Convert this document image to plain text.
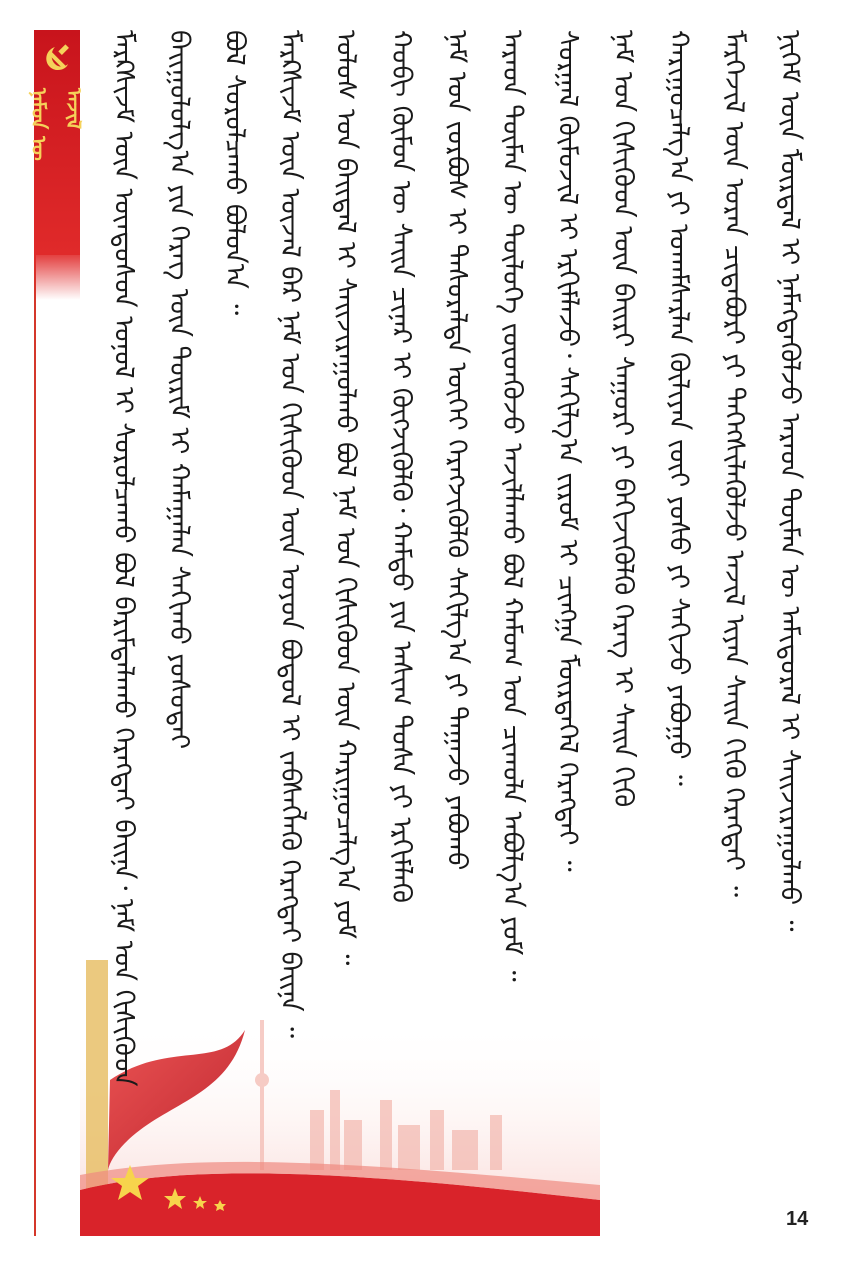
ᠮᠠᠷᠺᠰᠢᠵᠮ ᠦᠨ ᠦᠨᠳᠦᠰᠦᠨ ᠤᠨᠤᠯ ᠢ ᠰᠤᠷᠤᠯᠴᠠᠬᠤ ᠪᠣᠯ ᠪᠠᠷᠢᠮᠲᠠᠯᠠᠬᠤ ᠬᠡᠷᠡᠭᠲᠡᠢ ᠪᠠᠢᠨᠠ᠂ ᠨᠠᠮ ᠤᠨ ᠭᠢᠰᠢᠭᠦᠳ ᠪᠠᠢᠭᠤᠯᠤᠯᠭ᠎ᠠ ᠶᠢᠨ ᠬᠡᠷᠡᠭ ᠦᠨ ᠳᠦᠷᠢᠮ ᠢ ᠬᠠᠮᠠᠭᠠᠯᠠᠨ ᠰᠠᠬᠢᠬᠤ ᠶᠣᠰᠤᠳᠠᠢ ᠪᠣᠯ ᠰᠤᠷᠤᠯᠴᠠᠬᠤ ᠪᠣᠯᠤᠨ᠎ᠠ ᠃ ᠮᠠᠷᠺᠰᠢᠵᠮ ᠦᠨ ᠦᠵᠡᠯ ᠪᠠᠷ ᠨᠠᠮ ᠤᠨ ᠭᠢᠰᠢᠭᠦᠳ ᠦᠨ ᠤᠶᠤᠨ ᠪᠣᠳᠤᠯ ᠢ ᠵᠡᠪᠰᠡᠭᠯᠡᠬᠦ ᠬᠡᠷᠡᠭᠲᠡᠢ ᠪᠠᠢᠨᠠ ᠃ ᠤᠯᠤᠰ ᠤᠨ ᠪᠠᠢᠳᠠᠯ ᠢ ᠰᠠᠢᠵᠢᠷᠠᠭᠤᠯᠬᠤ ᠪᠣᠯ ᠨᠠᠮ ᠤᠨ ᠭᠢᠰᠢᠭᠦᠳ ᠦᠨ ᠬᠠᠷᠢᠭᠤᠴᠠᠯᠭ᠎ᠠ ᠶᠤᠮ ᠃ ᠬᠤᠪᠢ ᠬᠦᠮᠦᠨ ᠦ ᠰᠠᠢᠨ ᠴᠢᠨᠠᠷ ᠢ ᠬᠥᠭᠵᠢᠭᠦᠯᠬᠦ᠂ ᠬᠠᠮᠲᠤ ᠶᠢᠨ ᠠᠰᠢᠭ ᠲᠤᠰᠠ ᠶᠢ ᠡᠷᠬᠢᠮᠯᠡᠬᠦ ᠨᠠᠮ ᠤᠨ ᠵᠤᠷᠪᠤᠰ ᠢ ᠲᠠᠰᠤᠷᠠᠯᠲᠠ ᠦᠭᠡᠢ ᠬᠡᠷᠡᠭᠵᠢᠭᠦᠯᠬᠦ ᠰᠠᠬᠢᠯᠭ᠎ᠠ ᠶᠢ ᠳᠠᠭᠠᠵᠤ ᠶᠠᠪᠤᠬᠤ ᠠᠷᠠᠳ ᠲᠦᠮᠡᠨ ᠦ ᠲᠥᠯᠦᠭᠡ ᠵᠦᠳᠬᠦᠵᠦ ᠠᠵᠢᠯᠯᠠᠬᠤ ᠪᠣᠯ ᠬᠠᠮᠤᠭ ᠤᠨ ᠴᠢᠬᠤᠯᠠ ᠠᠪᠤᠯᠭ᠎ᠠ ᠶᠤᠮ ᠃ ᠰᠤᠷᠭᠠᠯ ᠬᠦᠮᠦᠵᠢᠯ ᠢ ᠡᠷᠬᠢᠮᠯᠡᠵᠦ᠂ ᠰᠠᠬᠢᠯᠭ᠎ᠠ ᠵᠢᠷᠤᠮ ᠢ ᠴᠢᠩᠭᠠ ᠮᠦᠷᠳᠡᠭᠡᠯ ᠬᠡᠷᠡᠭᠲᠡᠢ ᠃ ᠨᠠᠮ ᠤᠨ ᠭᠢᠰᠢᠭᠦᠳ ᠦᠨ ᠪᠠᠢᠷᠢ ᠰᠠᠭᠤᠷᠢ ᠶᠢ ᠪᠡᠬᠢᠵᠢᠭᠦᠯᠬᠦ ᠬᠡᠷᠡᠭ ᠢ ᠰᠠᠢᠨ ᠬᠢᠬᠦ ᠬᠠᠷᠢᠭᠤᠴᠠᠯᠭ᠎ᠠ ᠶᠢ ᠤᠬᠠᠮᠰᠠᠷᠯᠠᠨ ᠬᠦᠯᠢᠶᠡᠨ ᠵᠦᠢ ᠶᠣᠰᠤ ᠶᠢ ᠰᠠᠬᠢᠵᠤ ᠶᠠᠪᠤᠭᠤ ᠃ ᠮᠡᠷᠭᠡᠵᠢᠯ ᠦᠨ ᠤᠷᠠᠨ ᠴᠢᠳᠠᠪᠤᠷᠢ ᠶᠢ ᠳᠡᠭᠡᠭᠰᠢᠯᠡᠭᠦᠯᠵᠦ ᠠᠵᠢᠯ ᠢᠶᠠᠨ ᠰᠠᠢᠨ ᠬᠢᠬᠦ ᠬᠡᠷᠡᠭᠲᠡᠢ ᠃ ᠨᠢᠭᠡᠮ ᠦᠨ ᠮᠥᠷᠳᠡᠯ ᠢ ᠨᠡᠮᠡᠭᠳᠡᠭᠦᠯᠵᠦ ᠠᠷᠠᠳ ᠲᠦᠮᠡᠨ ᠦ ᠠᠮᠢᠳᠤᠷᠠᠯ ᠢ ᠰᠠᠢᠵᠢᠷᠠᠭᠤᠯᠬᠤ ᠃
14
